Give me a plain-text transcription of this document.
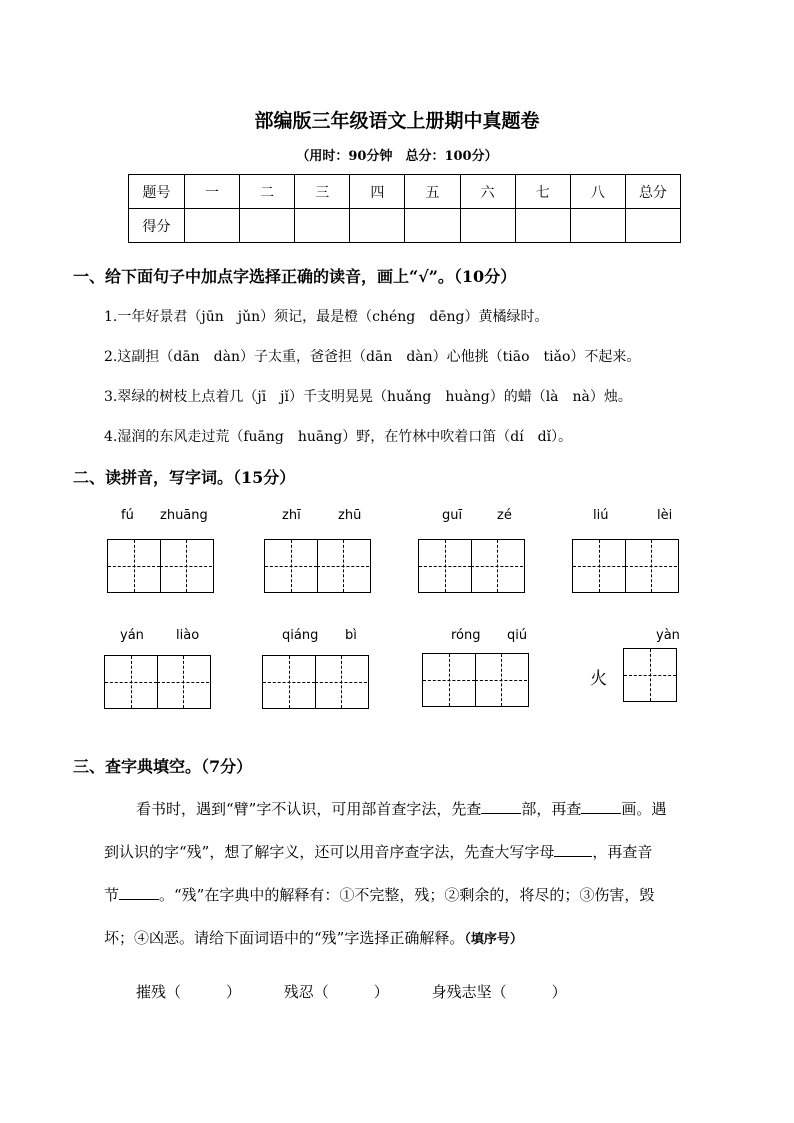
部编版三年级语文上册期中真题卷
（用时：90分钟　总分：100分）
题号	一	二	三	四	五	六	七	八	总分
得分									
一、给下面句子中加点字选择正确的读音，画上“√”。（10分）
1.一年好景君（jūn　jǔn）须记，最是橙（chéng　dēng）黄橘绿时。
2.这副担（dān　dàn）子太重，爸爸担（dān　dàn）心他挑（tiāo　tiǎo）不起来。
3.翠绿的树枝上点着几（jī　jǐ）千支明晃晃（huǎng　huàng）的蜡（là　nà）烛。
4.湿润的东风走过荒（fuāng　huāng）野，在竹林中吹着口笛（dí　dǐ）。
二、读拼音，写字词。（15分）
fú zhuāng	zhī	zhū	guī	zé	liú	lèi
yán liào	qiáng bì	róng qiú	yàn
火
三、查字典填空。（7分）
看书时，遇到“臂”字不认识，可用部首查字法，先查	部，再查	画。遇
到认识的字“残”，想了解字义，还可以用音序查字法，先查大写字母	，再查音
节	。“残”在字典中的解释有：①不完整，残；②剩余的，将尽的；③伤害，毁
坏；④凶恶。请给下面词语中的“残”字选择正确解释。（填序号）
摧残（　　　）	残忍（　　　）	身残志坚（　　　）
